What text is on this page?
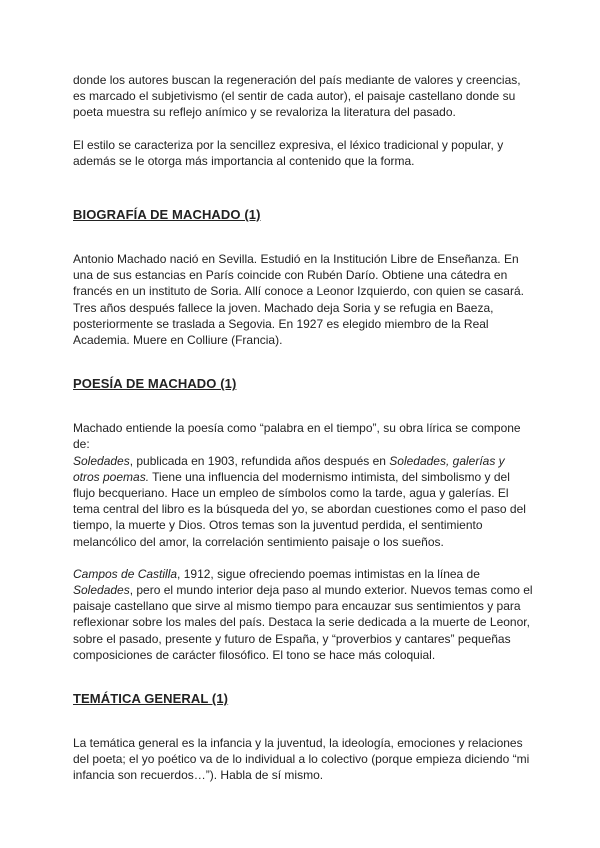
donde los autores buscan la regeneración del país mediante de valores y creencias, es marcado el subjetivismo (el sentir de cada autor), el paisaje castellano donde su poeta muestra su reflejo anímico y se revaloriza la literatura del pasado.

El estilo se caracteriza por la sencillez expresiva, el léxico tradicional y popular, y además se le otorga más importancia al contenido que la forma.

BIOGRAFÍA DE MACHADO (1)

Antonio Machado nació en Sevilla. Estudió en la Institución Libre de Enseñanza. En una de sus estancias en París coincide con Rubén Darío. Obtiene una cátedra en francés en un instituto de Soria. Allí conoce a Leonor Izquierdo, con quien se casará. Tres años después fallece la joven. Machado deja Soria y se refugia en Baeza, posteriormente se traslada a Segovia. En 1927 es elegido miembro de la Real Academia. Muere en Colliure (Francia).

POESÍA DE MACHADO (1)

Machado entiende la poesía como “palabra en el tiempo”, su obra lírica se compone de:
Soledades, publicada en 1903, refundida años después en Soledades, galerías y otros poemas. Tiene una influencia del modernismo intimista, del simbolismo y del flujo becqueriano. Hace un empleo de símbolos como la tarde, agua y galerías. El tema central del libro es la búsqueda del yo, se abordan cuestiones como el paso del tiempo, la muerte y Dios. Otros temas son la juventud perdida, el sentimiento melancólico del amor, la correlación sentimiento paisaje o los sueños.

Campos de Castilla, 1912, sigue ofreciendo poemas intimistas en la línea de Soledades, pero el mundo interior deja paso al mundo exterior. Nuevos temas como el paisaje castellano que sirve al mismo tiempo para encauzar sus sentimientos y para reflexionar sobre los males del país. Destaca la serie dedicada a la muerte de Leonor, sobre el pasado, presente y futuro de España, y “proverbios y cantares” pequeñas composiciones de carácter filosófico. El tono se hace más coloquial.

TEMÁTICA GENERAL (1)

La temática general es la infancia y la juventud, la ideología, emociones y relaciones del poeta; el yo poético va de lo individual a lo colectivo (porque empieza diciendo “mi infancia son recuerdos…”). Habla de sí mismo.
